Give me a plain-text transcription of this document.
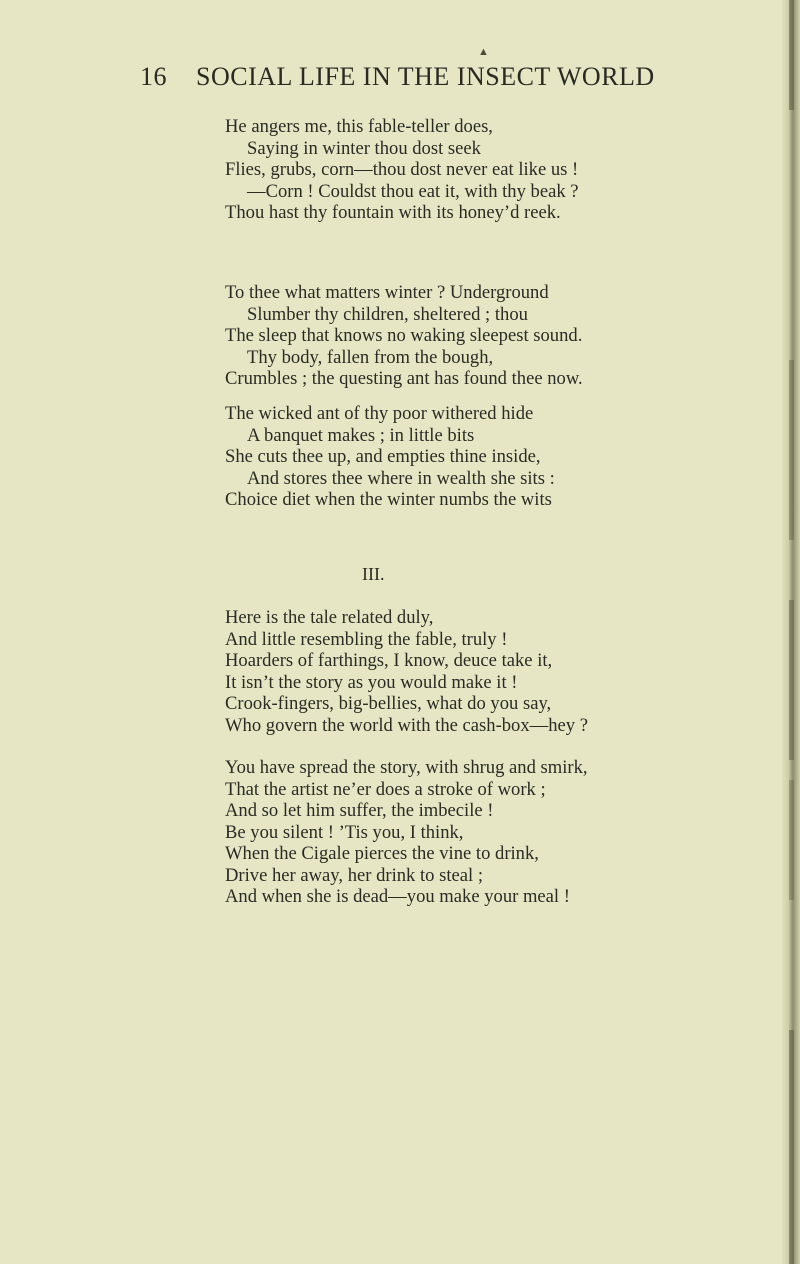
16 SOCIAL LIFE IN THE INSECT WORLD
▲
He angers me, this fable-teller does,
Saying in winter thou dost seek
Flies, grubs, corn—thou dost never eat like us !
—Corn ! Couldst thou eat it, with thy beak ?
Thou hast thy fountain with its honey’d reek.
To thee what matters winter ? Underground
Slumber thy children, sheltered ; thou
The sleep that knows no waking sleepest sound.
Thy body, fallen from the bough,
Crumbles ; the questing ant has found thee now.
The wicked ant of thy poor withered hide
A banquet makes ; in little bits
She cuts thee up, and empties thine inside,
And stores thee where in wealth she sits :
Choice diet when the winter numbs the wits
III.
Here is the tale related duly,
And little resembling the fable, truly !
Hoarders of farthings, I know, deuce take it,
It isn’t the story as you would make it !
Crook-fingers, big-bellies, what do you say,
Who govern the world with the cash-box—hey ?
You have spread the story, with shrug and smirk,
That the artist ne’er does a stroke of work ;
And so let him suffer, the imbecile !
Be you silent ! ’Tis you, I think,
When the Cigale pierces the vine to drink,
Drive her away, her drink to steal ;
And when she is dead—you make your meal !
